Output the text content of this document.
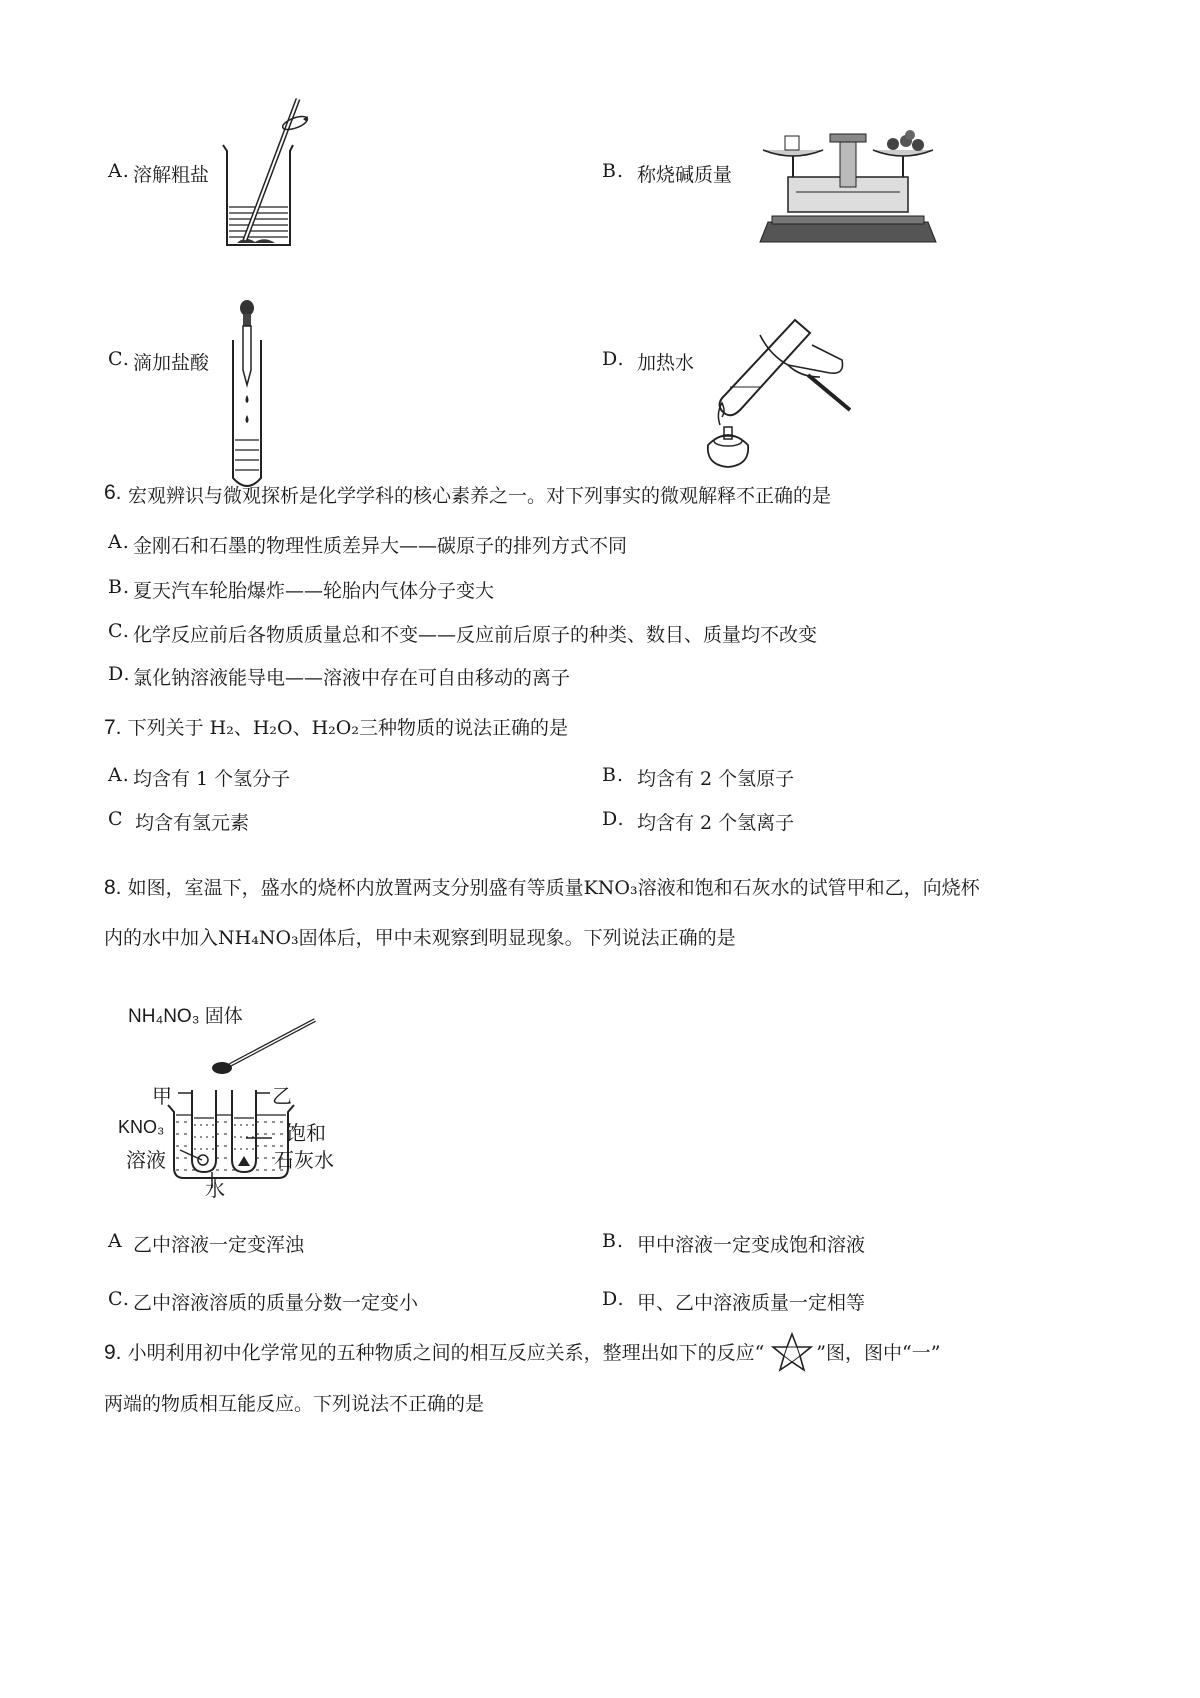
A. 溶解粗盐	B. 称烧碱质量
C. 滴加盐酸	D. 加热水
6. 宏观辨识与微观探析是化学学科的核心素养之一。对下列事实的微观解释不正确的是
A. 金刚石和石墨的物理性质差异大——碳原子的排列方式不同
B. 夏天汽车轮胎爆炸——轮胎内气体分子变大
C. 化学反应前后各物质质量总和不变——反应前后原子的种类、数目、质量均不改变
D. 氯化钠溶液能导电——溶液中存在可自由移动的离子
7. 下列关于 H₂、H₂O、H₂O₂三种物质的说法正确的是
A. 均含有 1 个氢分子	B. 均含有 2 个氢原子
C 均含有氢元素	D. 均含有 2 个氢离子
8. 如图，室温下，盛水的烧杯内放置两支分别盛有等质量KNO₃溶液和饱和石灰水的试管甲和乙，向烧杯
内的水中加入NH₄NO₃固体后，甲中未观察到明显现象。下列说法正确的是
NH₄NO₃ 固体
甲	乙
KNO₃
溶液
饱和
石灰水
水
A 乙中溶液一定变浑浊	B. 甲中溶液一定变成饱和溶液
C. 乙中溶液溶质的质量分数一定变小	D. 甲、乙中溶液质量一定相等
9. 小明利用初中化学常见的五种物质之间的相互反应关系，整理出如下的反应“	”图，图中“一”
两端的物质相互能反应。下列说法不正确的是
